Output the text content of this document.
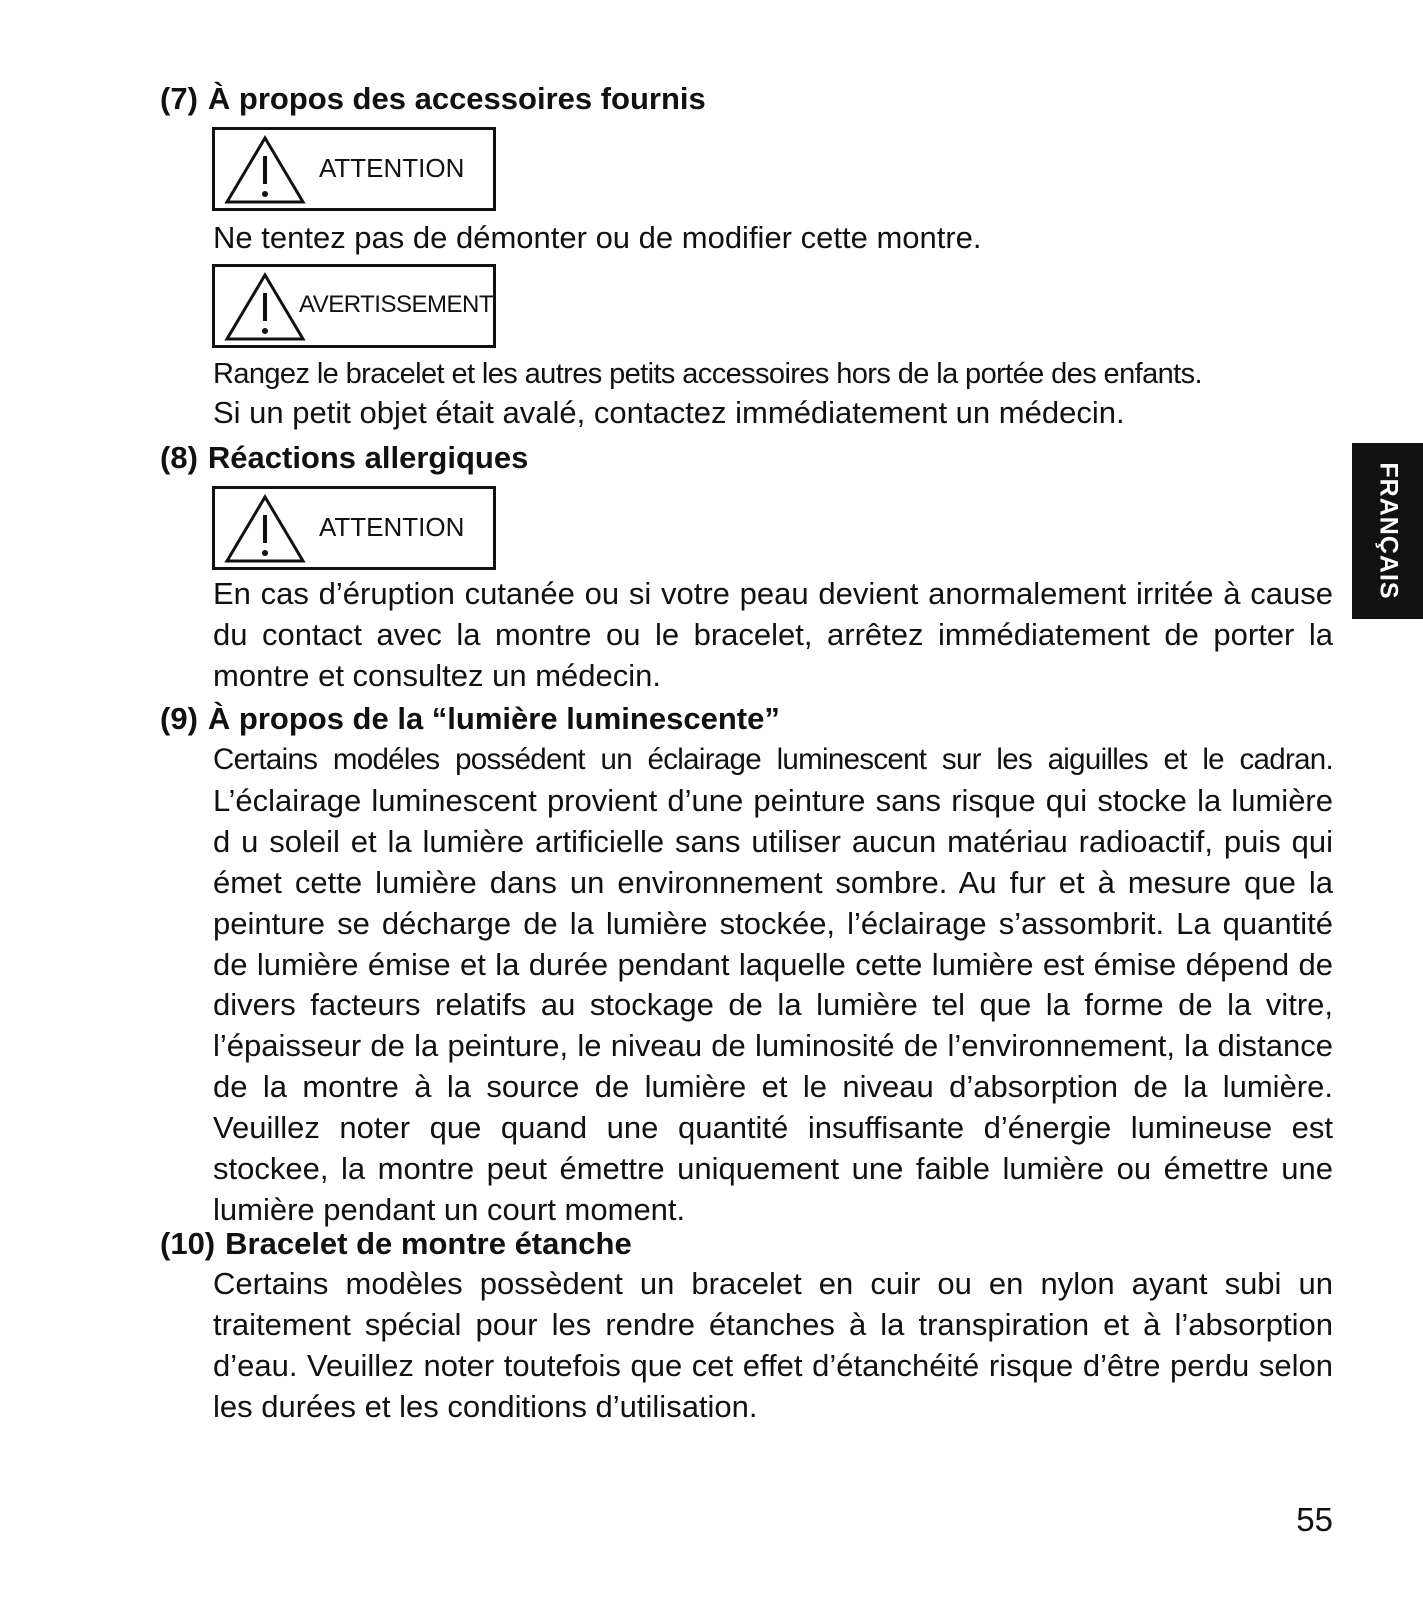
(7) À propos des accessoires fournis
ATTENTION
Ne tentez pas de démonter ou de modifier cette montre.
AVERTISSEMENT
Rangez le bracelet et les autres petits accessoires hors de la portée des enfants.
Si un petit objet était avalé, contactez immédiatement un médecin.
(8) Réactions allergiques
ATTENTION

En cas d’éruption cutanée ou si votre peau devient anormalement irritée à cause du contact avec la montre ou le bracelet, arrêtez immédiatement de porter la montre et consultez un médecin.

(9) À propos de la “lumière luminescente”

Certains modéles possédent un éclairage luminescent sur les aiguilles et le cadran. L’éclairage luminescent provient d’une peinture sans risque qui stocke la lumière d u soleil et la lumière artificielle sans utiliser aucun matériau radioactif, puis qui émet cette lumière dans un environnement sombre. Au fur et à mesure que la peinture se décharge de la lumière stockée, l’éclairage s’assombrit. La quantité de lumière émise et la durée pendant laquelle cette lumière est émise dépend de divers facteurs relatifs au stockage de la lumière tel que la forme de la vitre, l’épaisseur de la peinture, le niveau de luminosité de l’environnement, la distance de la montre à la source de lumière et le niveau d’absorption de la lumière. Veuillez noter que quand une quantité insuffisante d’énergie lumineuse est stockee, la montre peut émettre uniquement une faible lumière ou émettre une lumière pendant un court moment.

(10) Bracelet de montre étanche

Certains modèles possèdent un bracelet en cuir ou en nylon ayant subi un traitement spécial pour les rendre étanches à la transpiration et à l’absorption d’eau. Veuillez noter toutefois que cet effet d’étanchéité risque d’être perdu selon les durées et les conditions d’utilisation.

FRANÇAIS
55
